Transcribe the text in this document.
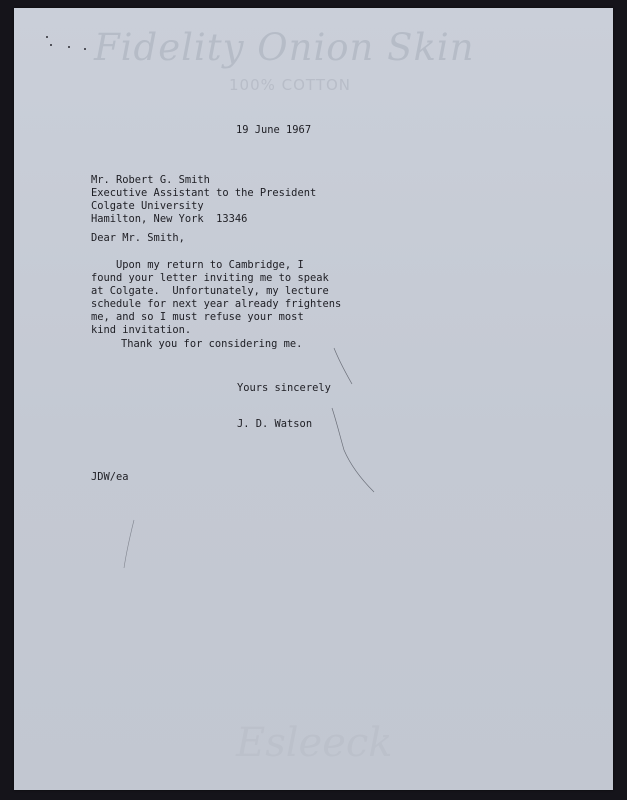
Fidelity Onion Skin
100% COTTON
Esleeck
19 June 1967
Mr. Robert G. Smith
Executive Assistant to the President
Colgate University
Hamilton, New York  13346
Dear Mr. Smith,
Upon my return to Cambridge, I
found your letter inviting me to speak
at Colgate.  Unfortunately, my lecture
schedule for next year already frightens
me, and so I must refuse your most
kind invitation.
Thank you for considering me.
Yours sincerely
J. D. Watson
JDW/ea
